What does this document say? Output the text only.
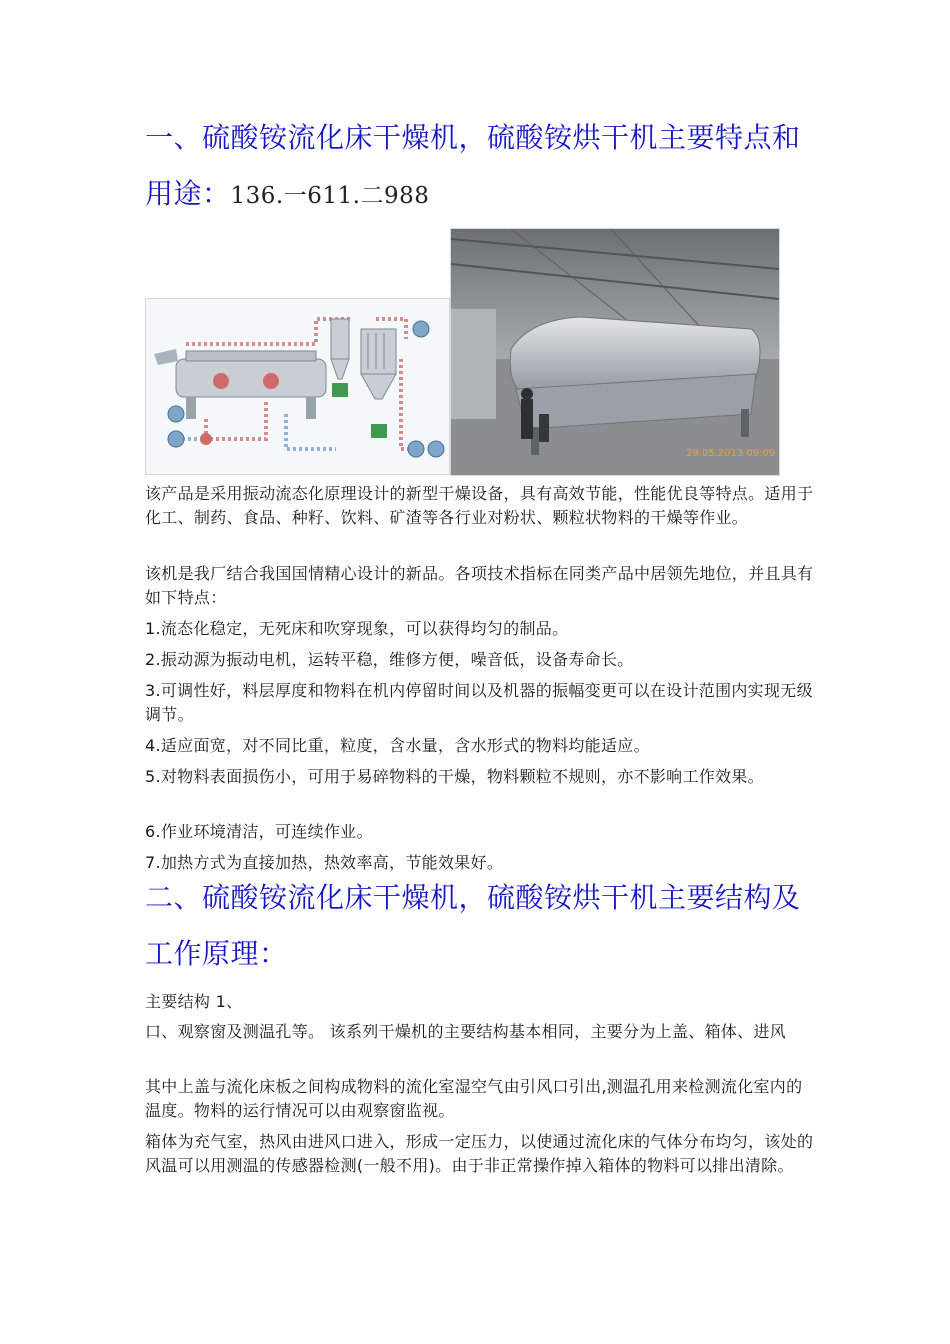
一、硫酸铵流化床干燥机，硫酸铵烘干机主要特点和用途：136.一611.二988
29.05.2013 09:09

该产品是采用振动流态化原理设计的新型干燥设备，具有高效节能，性能优良等特点。适用于化工、制药、食品、种籽、饮料、矿渣等各行业对粉状、颗粒状物料的干燥等作业。

该机是我厂结合我国国情精心设计的新品。各项技术指标在同类产品中居领先地位，并且具有如下特点：

1.流态化稳定，无死床和吹穿现象，可以获得均匀的制品。

2.振动源为振动电机，运转平稳，维修方便，噪音低，设备寿命长。

3.可调性好，料层厚度和物料在机内停留时间以及机器的振幅变更可以在设计范围内实现无级调节。

4.适应面宽，对不同比重，粒度，含水量，含水形式的物料均能适应。

5.对物料表面损伤小，可用于易碎物料的干燥，物料颗粒不规则，亦不影响工作效果。

6.作业环境清洁，可连续作业。

7.加热方式为直接加热，热效率高，节能效果好。

二、硫酸铵流化床干燥机，硫酸铵烘干机主要结构及工作原理：

主要结构 1、

口、观察窗及测温孔等。 该系列干燥机的主要结构基本相同，主要分为上盖、箱体、进风

其中上盖与流化床板之间构成物料的流化室湿空气由引风口引出,测温孔用来检测流化室内的温度。物料的运行情况可以由观察窗监视。

箱体为充气室，热风由进风口进入，形成一定压力，以使通过流化床的气体分布均匀，该处的风温可以用测温的传感器检测(一般不用)。由于非正常操作掉入箱体的物料可以排出清除。
